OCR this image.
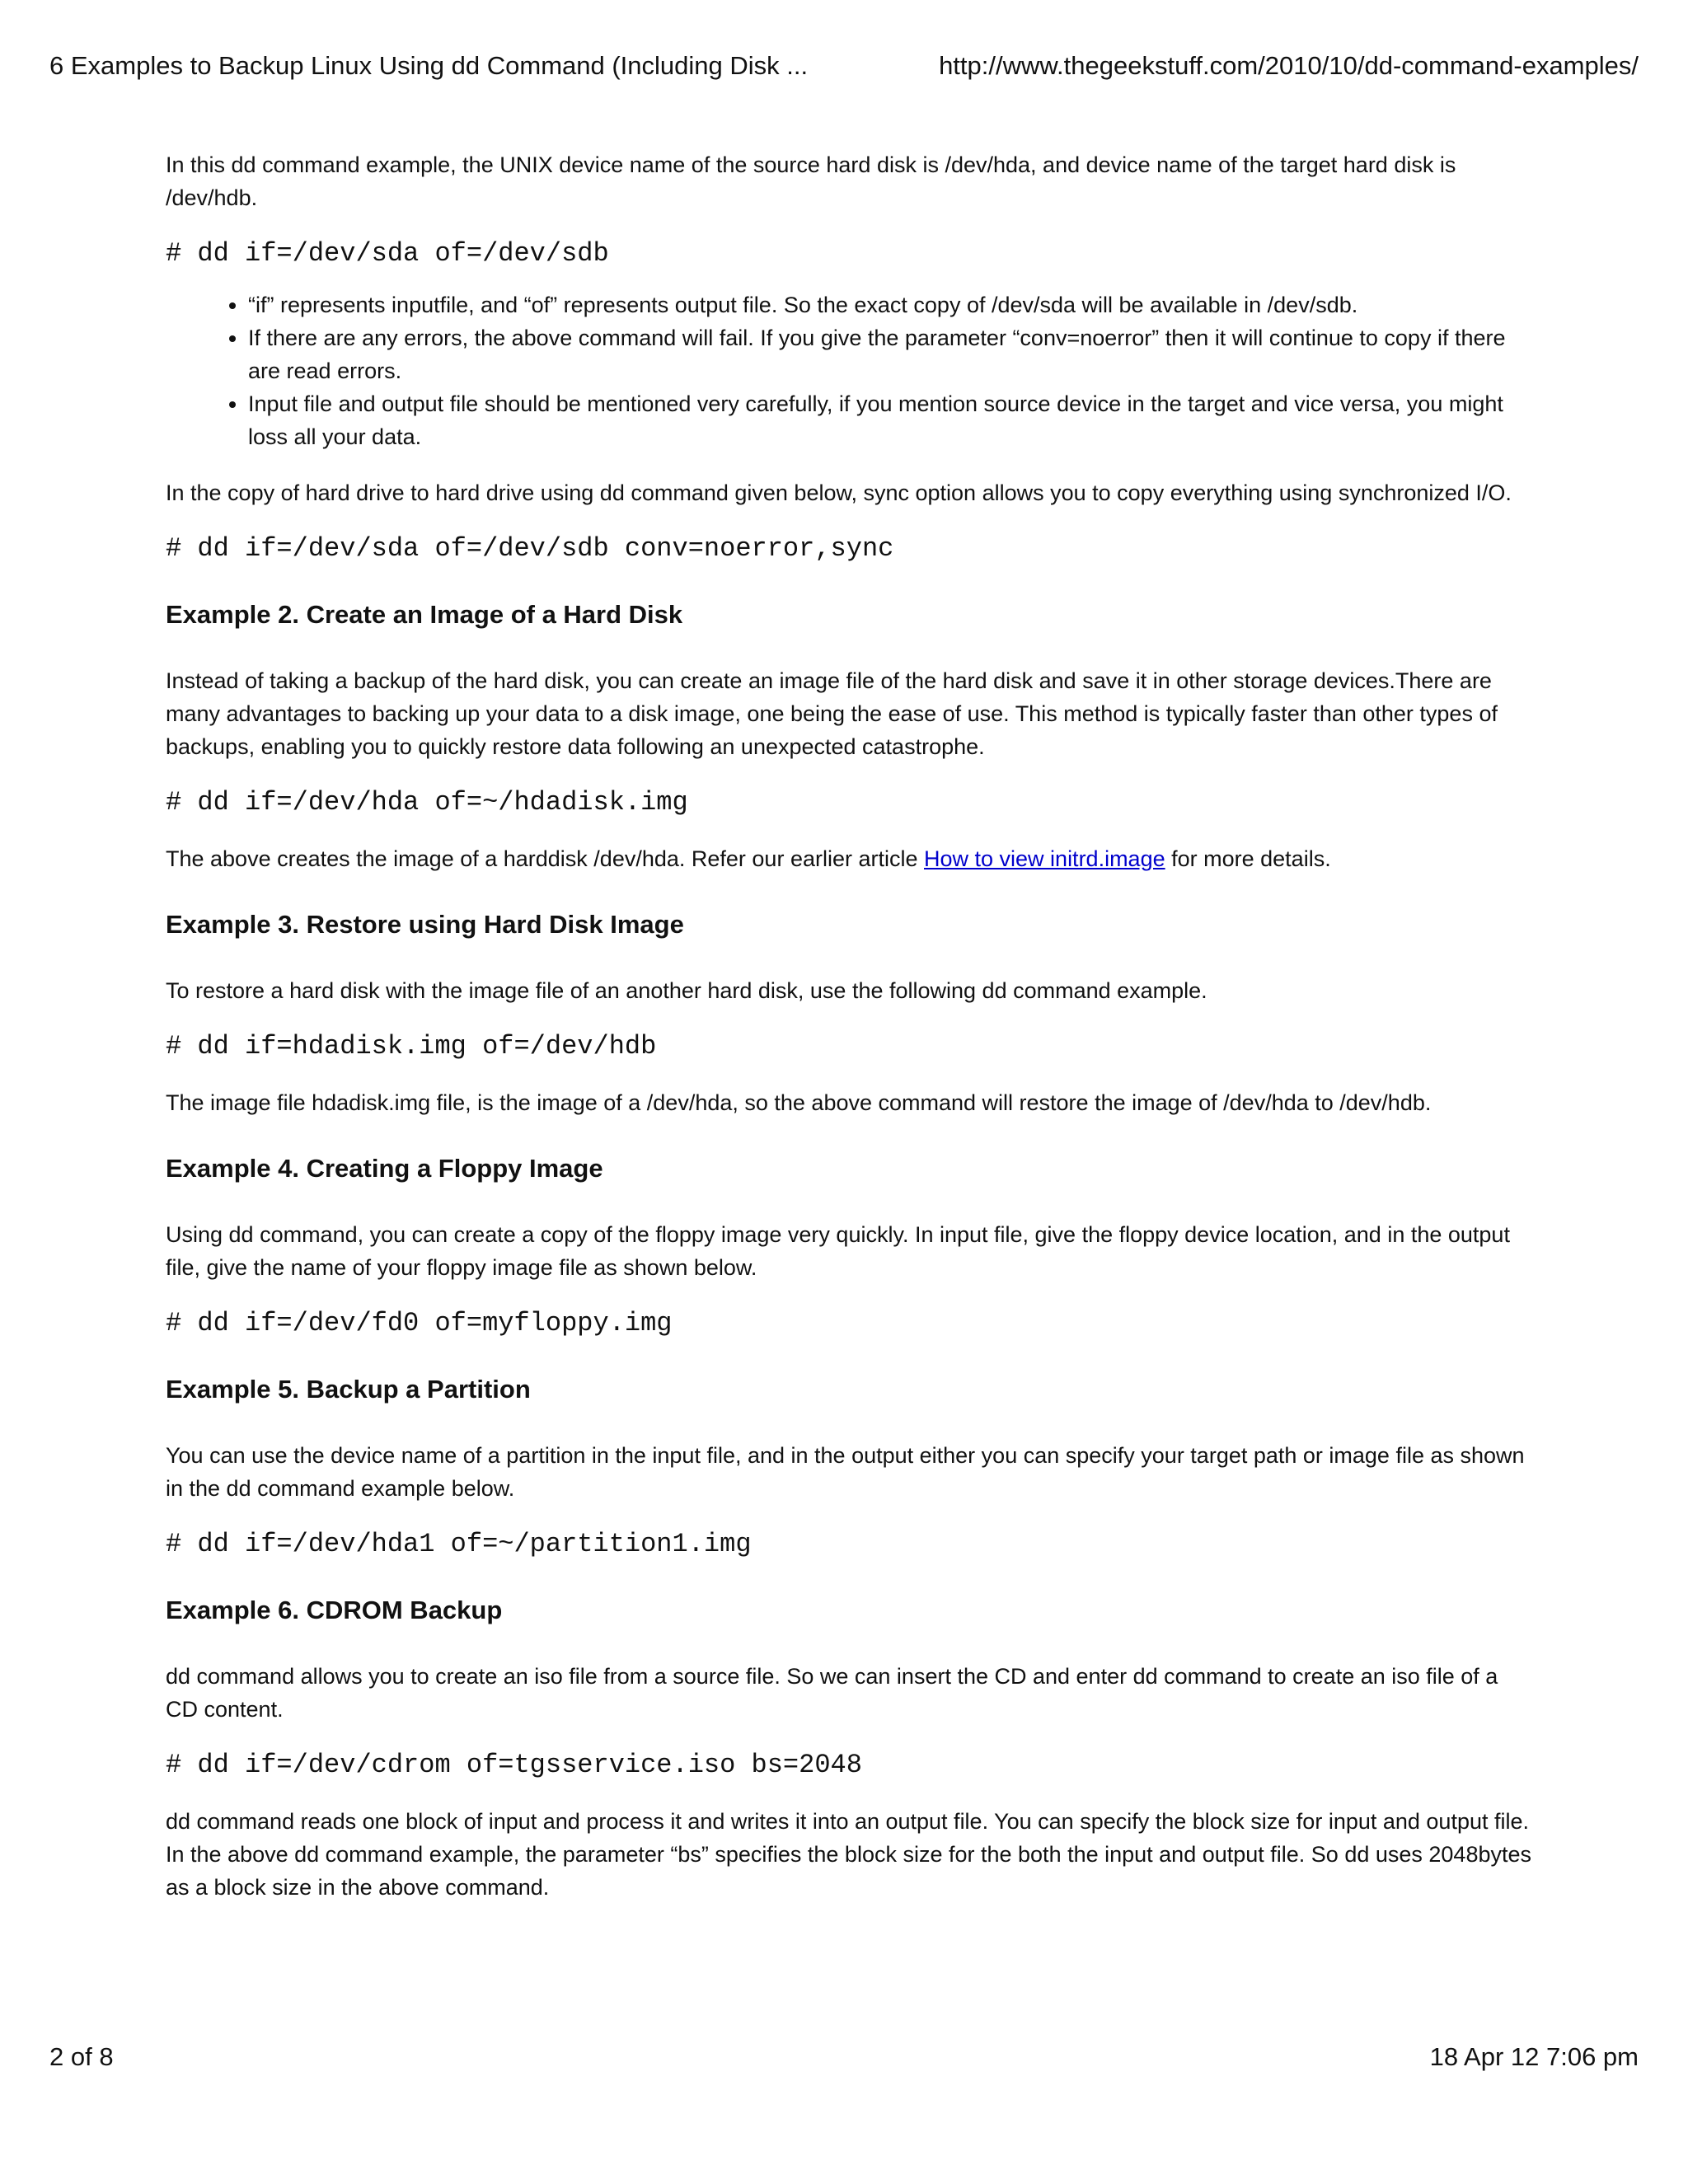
6 Examples to Backup Linux Using dd Command (Including Disk ...	http://www.thegeekstuff.com/2010/10/dd-command-examples/

In this dd command example, the UNIX device name of the source hard disk is /dev/hda, and device name of the target hard disk is /dev/hdb.

# dd if=/dev/sda of=/dev/sdb
• “if” represents inputfile, and “of” represents output file. So the exact copy of /dev/sda will be available in /dev/sdb.
• If there are any errors, the above command will fail. If you give the parameter “conv=noerror” then it will continue to copy if there are read errors.
• Input file and output file should be mentioned very carefully, if you mention source device in the target and vice versa, you might loss all your data.

In the copy of hard drive to hard drive using dd command given below, sync option allows you to copy everything using synchronized I/O.

# dd if=/dev/sda of=/dev/sdb conv=noerror,sync
Example 2. Create an Image of a Hard Disk

Instead of taking a backup of the hard disk, you can create an image file of the hard disk and save it in other storage devices.There are many advantages to backing up your data to a disk image, one being the ease of use. This method is typically faster than other types of backups, enabling you to quickly restore data following an unexpected catastrophe.

# dd if=/dev/hda of=~/hdadisk.img

The above creates the image of a harddisk /dev/hda. Refer our earlier article How to view initrd.image for more details.

Example 3. Restore using Hard Disk Image

To restore a hard disk with the image file of an another hard disk, use the following dd command example.

# dd if=hdadisk.img of=/dev/hdb

The image file hdadisk.img file, is the image of a /dev/hda, so the above command will restore the image of /dev/hda to /dev/hdb.

Example 4. Creating a Floppy Image

Using dd command, you can create a copy of the floppy image very quickly. In input file, give the floppy device location, and in the output file, give the name of your floppy image file as shown below.

# dd if=/dev/fd0 of=myfloppy.img
Example 5. Backup a Partition

You can use the device name of a partition in the input file, and in the output either you can specify your target path or image file as shown in the dd command example below.

# dd if=/dev/hda1 of=~/partition1.img
Example 6. CDROM Backup

dd command allows you to create an iso file from a source file. So we can insert the CD and enter dd command to create an iso file of a CD content.

# dd if=/dev/cdrom of=tgsservice.iso bs=2048

dd command reads one block of input and process it and writes it into an output file. You can specify the block size for input and output file. In the above dd command example, the parameter “bs” specifies the block size for the both the input and output file. So dd uses 2048bytes as a block size in the above command.

2 of 8	18 Apr 12 7:06 pm
